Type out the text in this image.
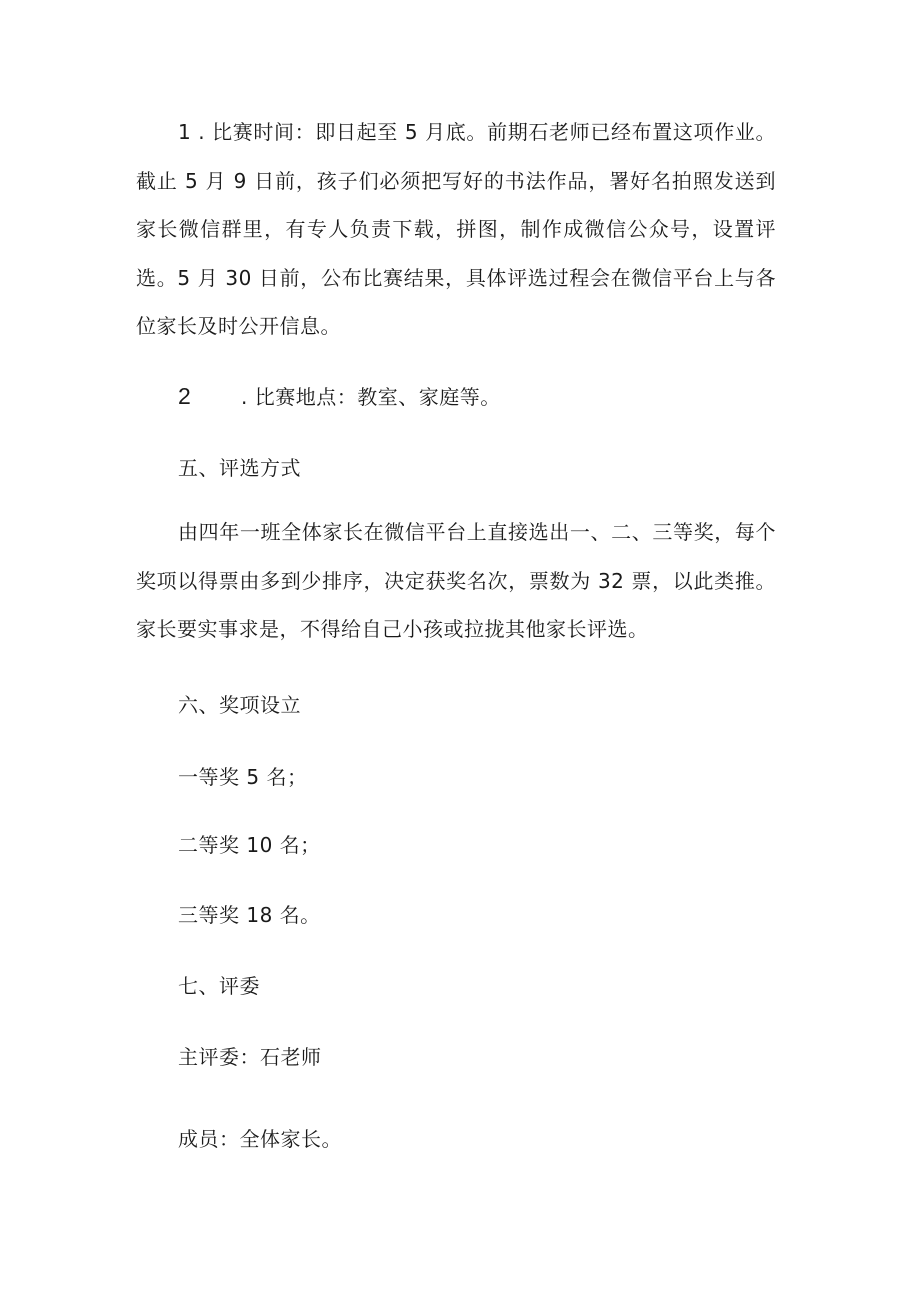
1 . 比赛时间：即日起至 5 月底。前期石老师已经布置这项作业。截止 5 月 9 日前，孩子们必须把写好的书法作品，署好名拍照发送到家长微信群里，有专人负责下载，拼图，制作成微信公众号，设置评选。5 月 30 日前，公布比赛结果，具体评选过程会在微信平台上与各位家长及时公开信息。
2 . 比赛地点：教室、家庭等。
五、评选方式
由四年一班全体家长在微信平台上直接选出一、二、三等奖，每个奖项以得票由多到少排序，决定获奖名次，票数为 32 票，以此类推。家长要实事求是，不得给自己小孩或拉拢其他家长评选。
六、奖项设立
一等奖 5 名；
二等奖 10 名；
三等奖 18 名。
七、评委
主评委：石老师
成员：全体家长。
